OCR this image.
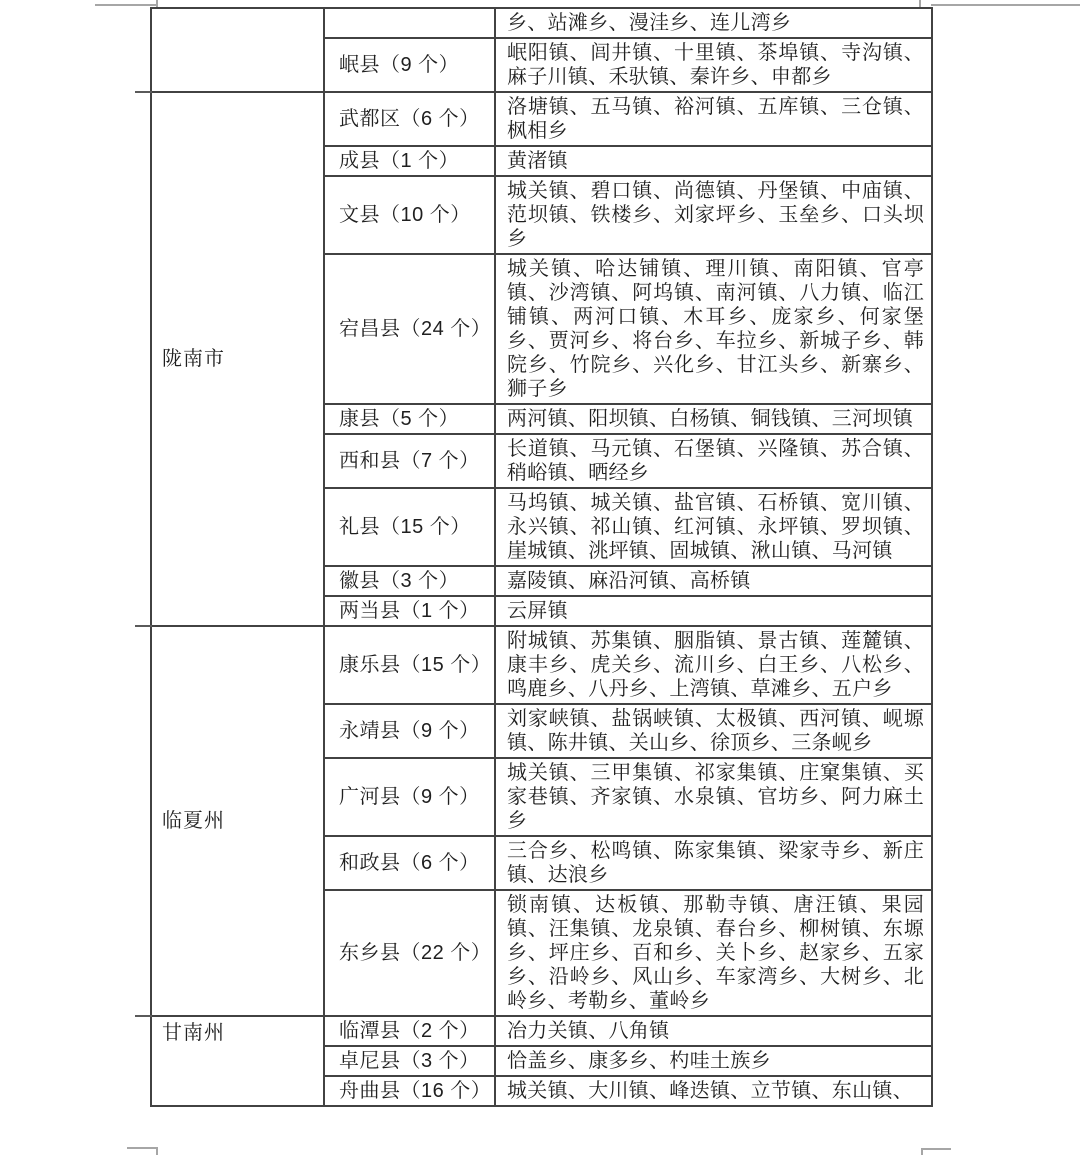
		乡、站滩乡、漫洼乡、连儿湾乡
	岷县（9 个）	岷阳镇、闾井镇、十里镇、茶埠镇、寺沟镇、麻子川镇、禾驮镇、秦许乡、申都乡
陇南市	武都区（6 个）	洛塘镇、五马镇、裕河镇、五库镇、三仓镇、枫相乡
	成县（1 个）	黄渚镇
	文县（10 个）	城关镇、碧口镇、尚德镇、丹堡镇、中庙镇、范坝镇、铁楼乡、刘家坪乡、玉垒乡、口头坝乡
	宕昌县（24 个）	城关镇、哈达铺镇、理川镇、南阳镇、官亭镇、沙湾镇、阿坞镇、南河镇、八力镇、临江铺镇、两河口镇、木耳乡、庞家乡、何家堡乡、贾河乡、将台乡、车拉乡、新城子乡、韩院乡、竹院乡、兴化乡、甘江头乡、新寨乡、狮子乡
	康县（5 个）	两河镇、阳坝镇、白杨镇、铜钱镇、三河坝镇
	西和县（7 个）	长道镇、马元镇、石堡镇、兴隆镇、苏合镇、稍峪镇、晒经乡
	礼县（15 个）	马坞镇、城关镇、盐官镇、石桥镇、宽川镇、永兴镇、祁山镇、红河镇、永坪镇、罗坝镇、崖城镇、洮坪镇、固城镇、湫山镇、马河镇
	徽县（3 个）	嘉陵镇、麻沿河镇、高桥镇
	两当县（1 个）	云屏镇
临夏州	康乐县（15 个）	附城镇、苏集镇、胭脂镇、景古镇、莲麓镇、康丰乡、虎关乡、流川乡、白王乡、八松乡、鸣鹿乡、八丹乡、上湾镇、草滩乡、五户乡
	永靖县（9 个）	刘家峡镇、盐锅峡镇、太极镇、西河镇、岘塬镇、陈井镇、关山乡、徐顶乡、三条岘乡
	广河县（9 个）	城关镇、三甲集镇、祁家集镇、庄窠集镇、买家巷镇、齐家镇、水泉镇、官坊乡、阿力麻土乡
	和政县（6 个）	三合乡、松鸣镇、陈家集镇、梁家寺乡、新庄镇、达浪乡
	东乡县（22 个）	锁南镇、达板镇、那勒寺镇、唐汪镇、果园镇、汪集镇、龙泉镇、春台乡、柳树镇、东塬乡、坪庄乡、百和乡、关卜乡、赵家乡、五家乡、沿岭乡、风山乡、车家湾乡、大树乡、北岭乡、考勒乡、董岭乡
甘南州	临潭县（2 个）	冶力关镇、八角镇
	卓尼县（3 个）	恰盖乡、康多乡、杓哇土族乡
	舟曲县（16 个）	城关镇、大川镇、峰迭镇、立节镇、东山镇、
